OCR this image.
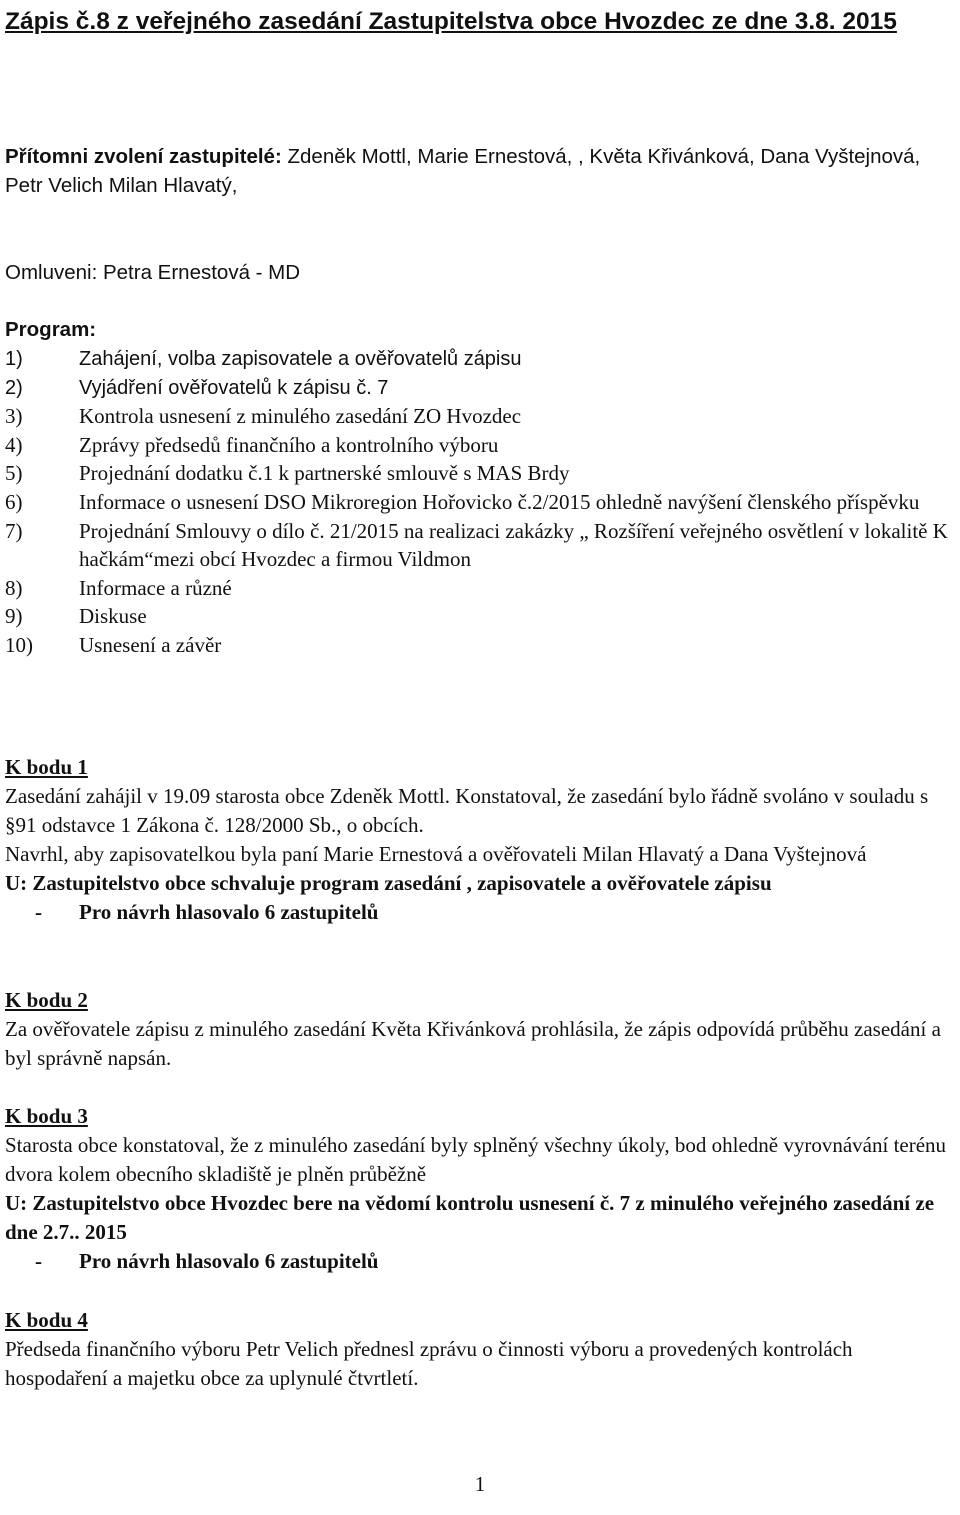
Zápis č.8 z veřejného zasedání Zastupitelstva obce Hvozdec ze dne 3.8. 2015
Přítomni zvolení zastupitelé: Zdeněk Mottl, Marie Ernestová, , Květa Křivánková, Dana Vyštejnová, Petr Velich Milan Hlavatý,
Omluveni: Petra Ernestová - MD
Program:
1)	Zahájení, volba zapisovatele a ověřovatelů zápisu
2)	Vyjádření ověřovatelů k zápisu č. 7
3)	Kontrola usnesení z minulého zasedání ZO Hvozdec
4)	Zprávy předsedů finančního a kontrolního výboru
5)	Projednání dodatku č.1 k partnerské smlouvě s MAS Brdy
6)	Informace o usnesení DSO Mikroregion Hořovicko č.2/2015 ohledně navýšení členského příspěvku
7)	Projednání Smlouvy o dílo č. 21/2015 na realizaci zakázky „ Rozšíření veřejného osvětlení v lokalitě K hačkám“mezi obcí Hvozdec a firmou Vildmon
8)	Informace a různé
9)	Diskuse
10)	Usnesení a závěr
K bodu 1
Zasedání zahájil v 19.09 starosta obce Zdeněk Mottl. Konstatoval, že zasedání bylo řádně svoláno v souladu s §91 odstavce 1 Zákona č. 128/2000 Sb., o obcích.
Navrhl, aby zapisovatelkou byla paní Marie Ernestová a ověřovateli Milan Hlavatý a Dana Vyštejnová
U: Zastupitelstvo obce schvaluje program zasedání , zapisovatele a ověřovatele zápisu
- Pro návrh hlasovalo 6 zastupitelů
K bodu 2
Za ověřovatele zápisu z minulého zasedání Květa Křivánková prohlásila, že zápis odpovídá průběhu zasedání a byl správně napsán.
K bodu 3
Starosta obce konstatoval, že z minulého zasedání byly splněný všechny úkoly, bod ohledně vyrovnávání terénu dvora kolem obecního skladiště je plněn průběžně
U: Zastupitelstvo obce Hvozdec bere na vědomí kontrolu usnesení č. 7 z minulého veřejného zasedání ze dne 2.7.. 2015
- Pro návrh hlasovalo 6 zastupitelů
K bodu 4
Předseda finančního výboru Petr Velich přednesl zprávu o činnosti výboru a provedených kontrolách hospodaření a majetku obce za uplynulé čtvrtletí.
1
